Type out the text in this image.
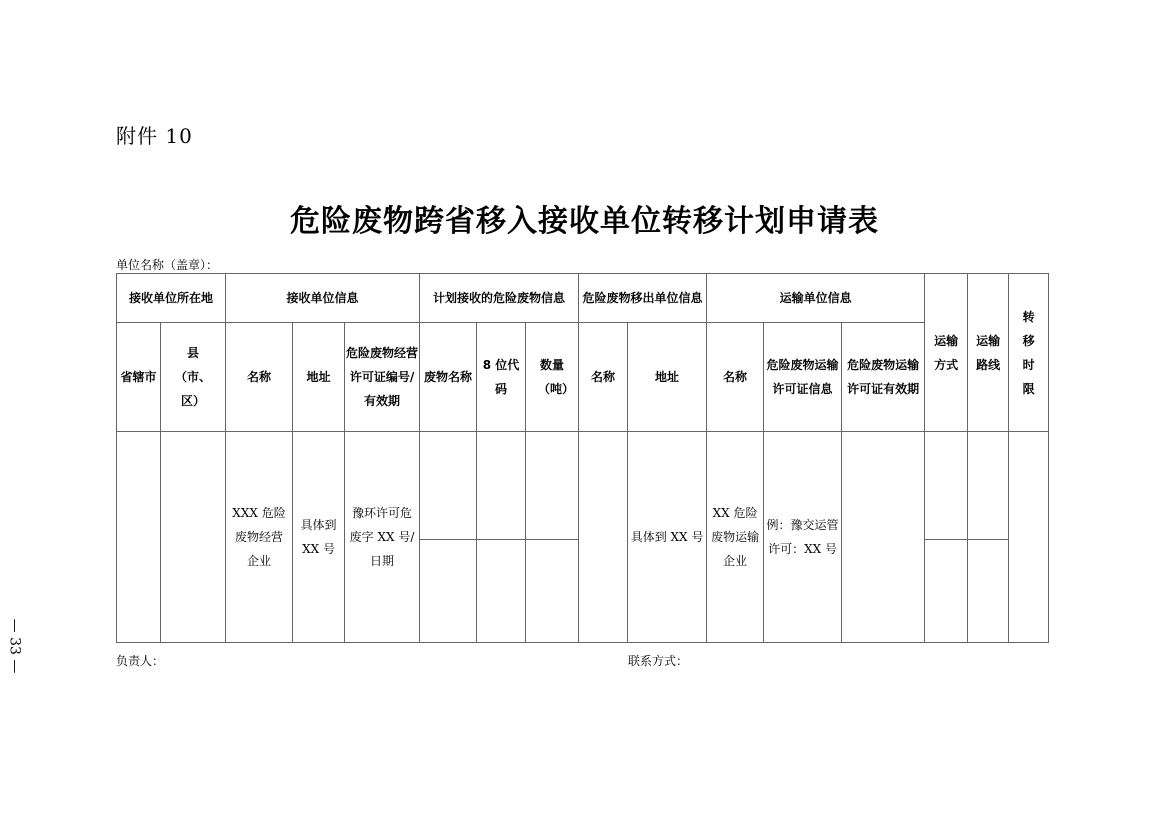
附件 10
危险废物跨省移入接收单位转移计划申请表
单位名称（盖章）：
接收单位所在地		接收单位信息			计划接收的危险废物信息			危险废物移出单位信息		运输单位信息			运输方式	运输路线	转移时限
省辖市	县（市、区）	名称	地址	危险废物经营许可证编号/有效期	废物名称	8 位代码	数量（吨）	名称	地址	名称	危险废物运输许可证信息	危险废物运输许可证有效期			
		XXX 危险废物经营企业	具体到 XX 号	豫环许可危废字 XX 号/日期					具体到 XX 号	XX 危险废物运输企业	例：豫交运管许可：XX 号				

负责人：	联系方式：
— 33 —
